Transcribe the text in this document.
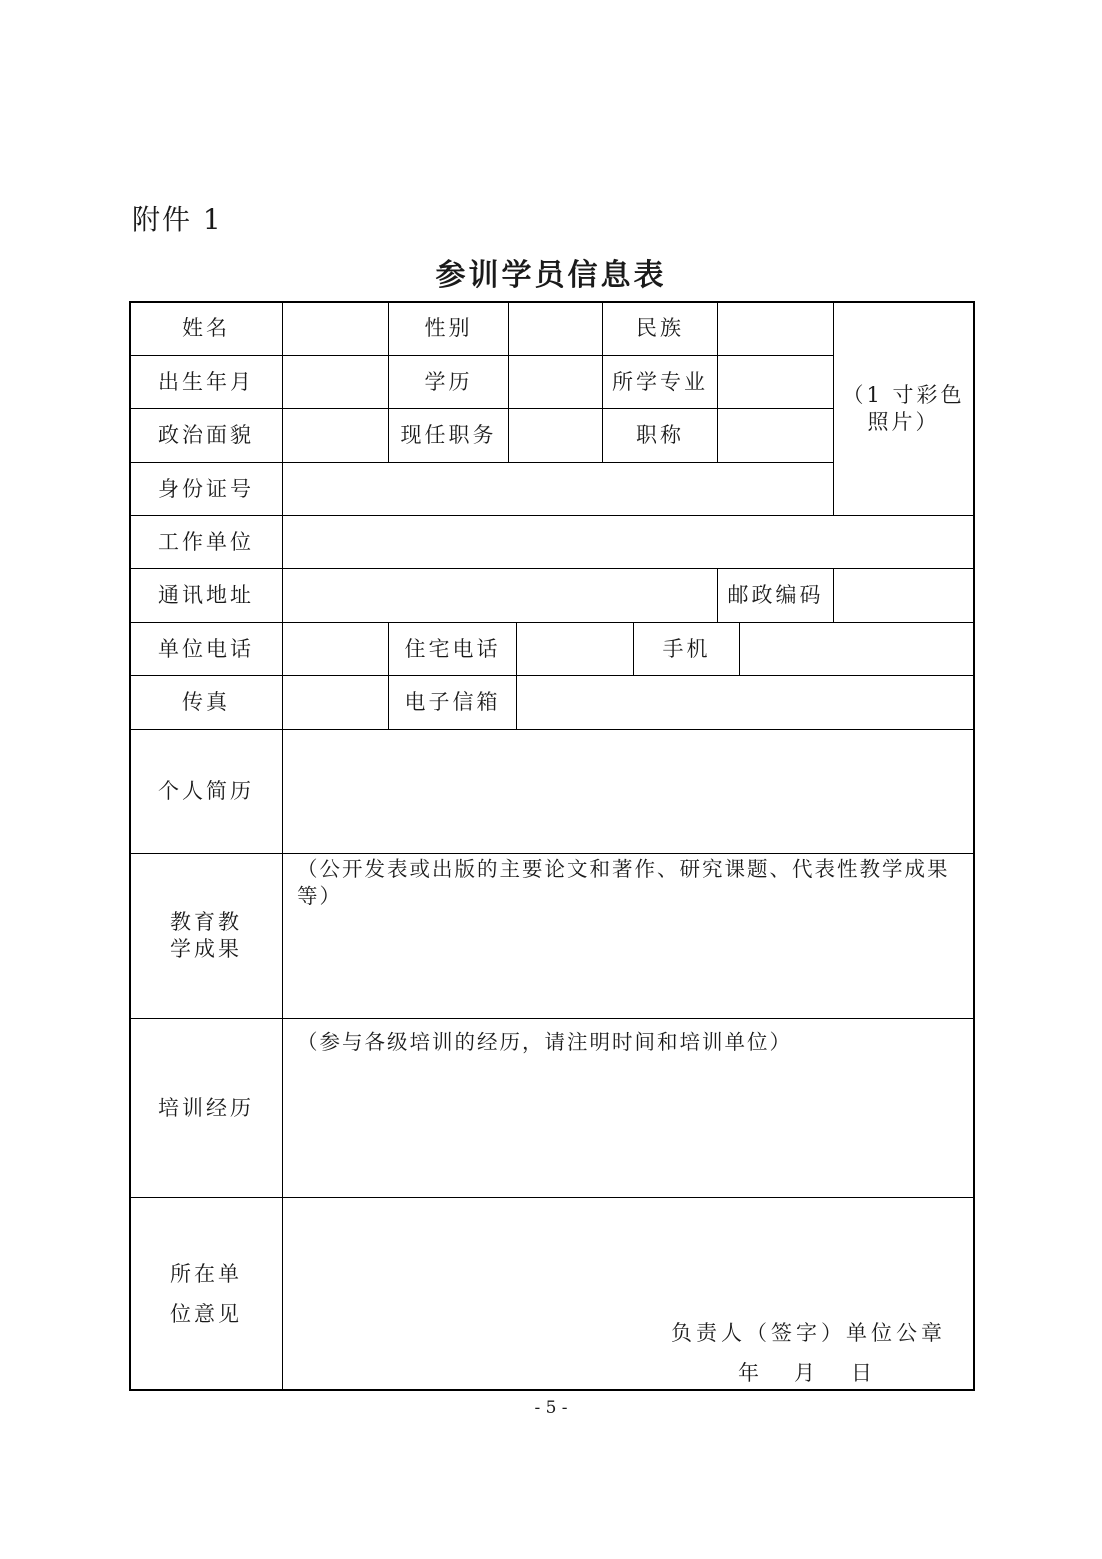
附件 1
参训学员信息表
姓名	性别	民族
（1 寸彩色
照片）
出生年月	学历	所学专业
政治面貌	现任职务	职称
身份证号
工作单位
通讯地址	邮政编码
单位电话	住宅电话	手机
传真	电子信箱
个人简历
教育教
学成果
（公开发表或出版的主要论文和著作、研究课题、代表性教学成果等）
培训经历
（参与各级培训的经历，请注明时间和培训单位）
所在单
位意见
负责人（签字）单位公章
年 月 日
- 5 -
